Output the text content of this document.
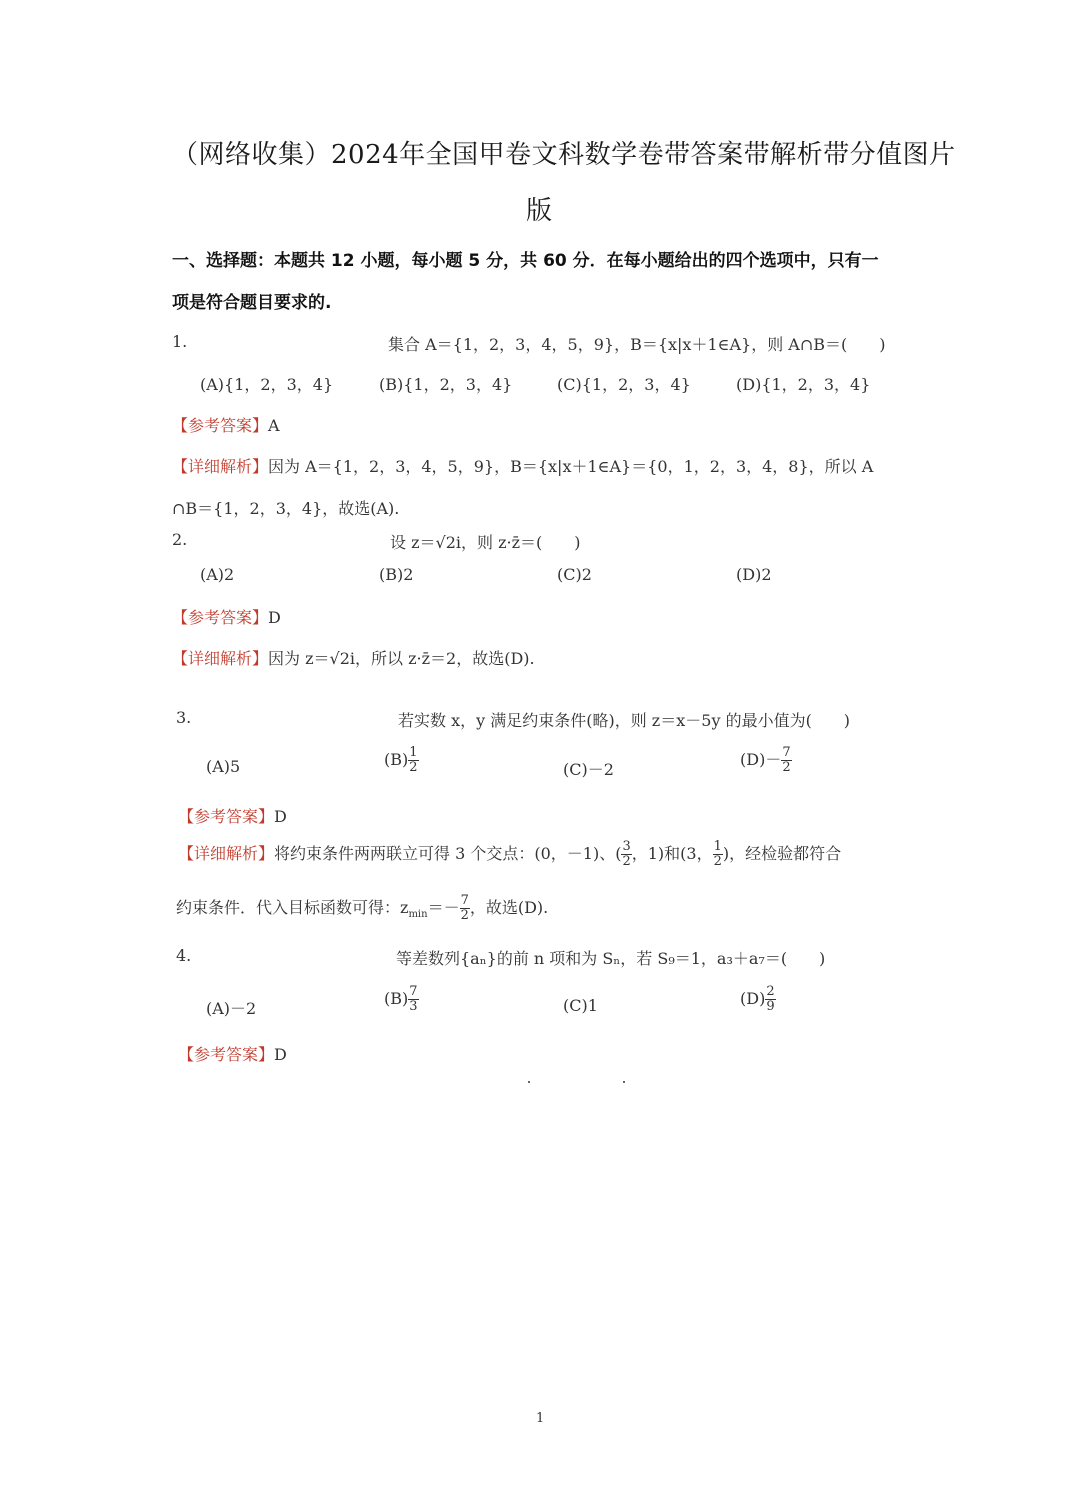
（网络收集）2024年全国甲卷文科数学卷带答案带解析带分值图片
版
一、选择题：本题共 12 小题，每小题 5 分，共 60 分．在每小题给出的四个选项中，只有一
项是符合题目要求的.
1.	集合 A＝{1，2，3，4，5，9}，B＝{x|x＋1∈A}，则 A∩B＝(　　)
(A){1，2，3，4}	(B){1，2，3，4}	(C){1，2，3，4}	(D){1，2，3，4}
【参考答案】A
【详细解析】因为 A＝{1，2，3，4，5，9}，B＝{x|x＋1∈A}＝{0，1，2，3，4，8}，所以 A
∩B＝{1，2，3，4}，故选(A).
2.	设 z＝√2i，则 z·z̄＝(　　)
(A)2	(B)2	(C)2	(D)2
【参考答案】D
【详细解析】因为 z＝√2i，所以 z·z̄＝2，故选(D).
3.	若实数 x，y 满足约束条件(略)，则 z＝x－5y 的最小值为(　　)
(A)5	$(B) \frac{1}{2}$	(C)－2
$(D)- \frac{7}{2}$
【参考答案】D
【详细解析】将约束条件两两联立可得 3 个交点：(0，－1)、( $\frac{3}{2}$ ，1)和(3， $\frac{1}{2}$ )，经检验都符合
约束条件．代入目标函数可得：$z_{min}=- \frac{7}{2}$ ，故选(D).
4.	等差数列{aₙ}的前 n 项和为 Sₙ，若 S₉＝1，a₃＋a₇＝(　　)
(A)－2
$(B) \frac{7}{3}$	(C)1	$(D) \frac{2}{9}$
【参考答案】D
1
